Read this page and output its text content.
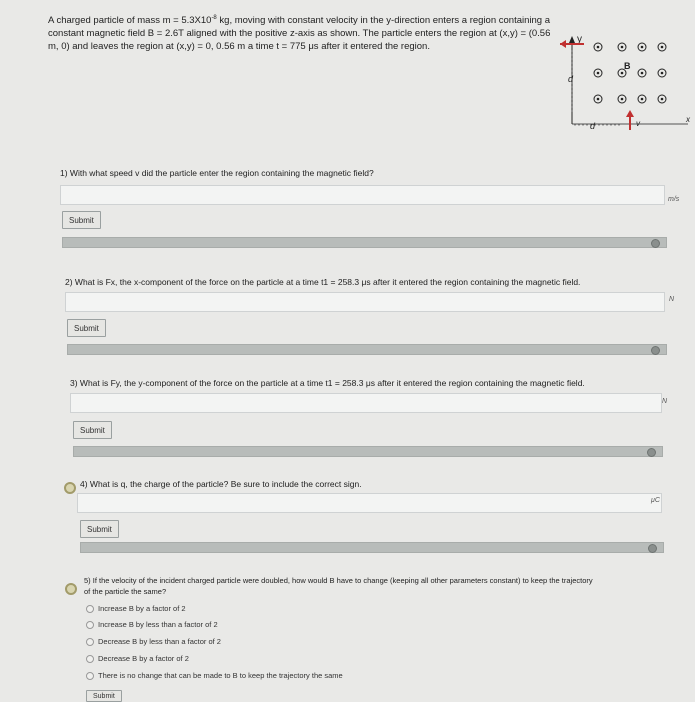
A charged particle of mass $m = 5.3X10^{-8}$ kg, moving with constant velocity in the y-direction enters a region containing a
constant magnetic field B = 2.6T aligned with the positive z-axis as shown. The particle enters the region at (x,y) = (0.56
m, 0) and leaves the region at (x,y) = 0, 0.56 m a time t = 775 μs after it entered the region.
y
x
d
d	v
B
1) With what speed v did the particle enter the region containing the magnetic field?
m/s
Submit
2) What is Fx, the x-component of the force on the particle at a time t1 = 258.3 μs after it entered the region containing the magnetic field.
N
Submit
3) What is Fy, the y-component of the force on the particle at a time t1 = 258.3 μs after it entered the region containing the magnetic field.
N
Submit
4) What is q, the charge of the particle? Be sure to include the correct sign.
μC
Submit
5) If the velocity of the incident charged particle were doubled, how would B have to change (keeping all other parameters constant) to keep the trajectory
of the particle the same?
Increase B by a factor of 2
Increase B by less than a factor of 2
Decrease B by less than a factor of 2
Decrease B by a factor of 2
There is no change that can be made to B to keep the trajectory the same
Submit
